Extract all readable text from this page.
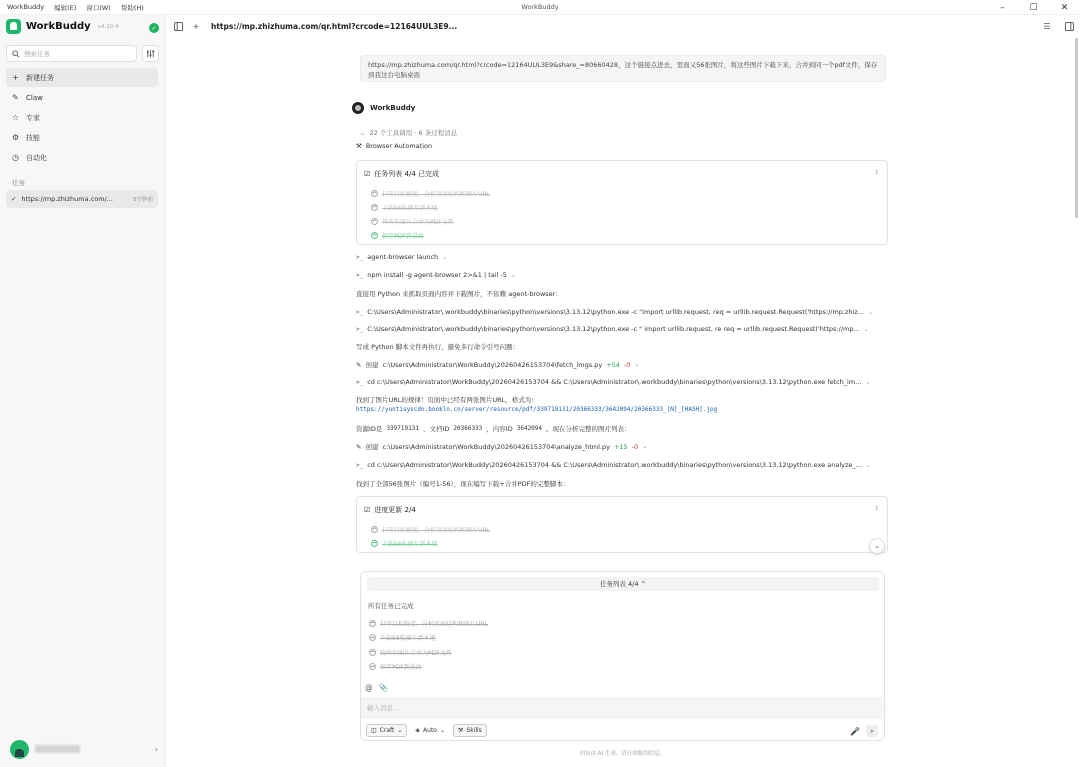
WorkBuddy 编辑(E) 窗口(W) 帮助(H)	WorkBuddy	–	☐	✕
WorkBuddy v4.10.4	✓
搜索任务
+ 新建任务
✎ Claw
☆ 专家
⚙ 技能
◷ 自动化
任务
✓ https://mp.zhizhuma.com/...	5分钟前
›
+	https://mp.zhizhuma.com/qr.html?crcode=12164UUL3E9...	☰
https://mp.zhizhuma.com/qr.html?crcode=12164UUL3E9&share_=80660428，这个链接点进去，里面又56张图片，将这些图片下载下来，合并到同一个pdf文件，保存到我这台电脑桌面
WorkBuddy
⌄ 22 个工具调用 · 6 条过程消息
⚒ Browser Automation
☑ 任务列表 4/4 已完成	↕
✓ 打开目标链接，分析页面结构和图片URL
✓ 下载56张图片到本地
✓ 将所有图片合并为PDF文件
✓ 保存PDF到桌面
>_ agent-browser launch ⌄
>_ npm install -g agent-browser 2>&1 | tail -5 ⌄
直接用 Python 来抓取页面内容并下载图片，不依赖 agent-browser：
>_ C:\Users\Administrator\.workbuddy\binaries\python\versions\3.13.12\python.exe -c "import urllib.request; req = urllib.request.Request('https://mp.zhiz... ⌄
>_ C:\Users\Administrator\.workbuddy\binaries\python\versions\3.13.12\python.exe -c " import urllib.request, re req = urllib.request.Request('https://mp... ⌄
写成 Python 脚本文件再执行，避免多行命令引号问题：
✎ 创建 c:\Users\Administrator\WorkBuddy\20260426153704\fetch_imgs.py +54 -0 ⌄
>_ cd c:\Users\Administrator\WorkBuddy\20260426153704 && C:\Users\Administrator\.workbuddy\binaries\python\versions\3.13.12\python.exe fetch_im... ⌄
找到了图片URL的规律！页面中已经有两张图片URL，格式为:
https://yuntisyscdn.bookln.cn/server/resource/pdf/339719131/20366333/3642094/20366333_[N]_[HASH].jpg
资源ID是 339719131 ，文档ID 20366333 ，内容ID 3642094 。现在分析完整的图片列表：
✎ 创建 c:\Users\Administrator\WorkBuddy\20260426153704\analyze_html.py +15 -0 ⌄
>_ cd c:\Users\Administrator\WorkBuddy\20260426153704 && C:\Users\Administrator\.workbuddy\binaries\python\versions\3.13.12\python.exe analyze_... ⌄
找到了全部56张图片（编号1-56），现在编写下载+合并PDF的完整脚本：
☑ 进度更新 2/4	↕
✓ 打开目标链接，分析页面结构和图片URL
✓ 下载56张图片到本地	⌄
任务列表 4/4 ⌃
所有任务已完成
✓ 打开目标链接，分析页面结构和图片URL
✓ 下载56张图片到本地
✓ 将所有图片合并为PDF文件
✓ 保存PDF到桌面
@ 📎
输入消息...
◫ Craft ⌄ ◈ Auto ⌄ ⚒ Skills	🎤	➤
内容由 AI 生成，请仔细甄别信息。
